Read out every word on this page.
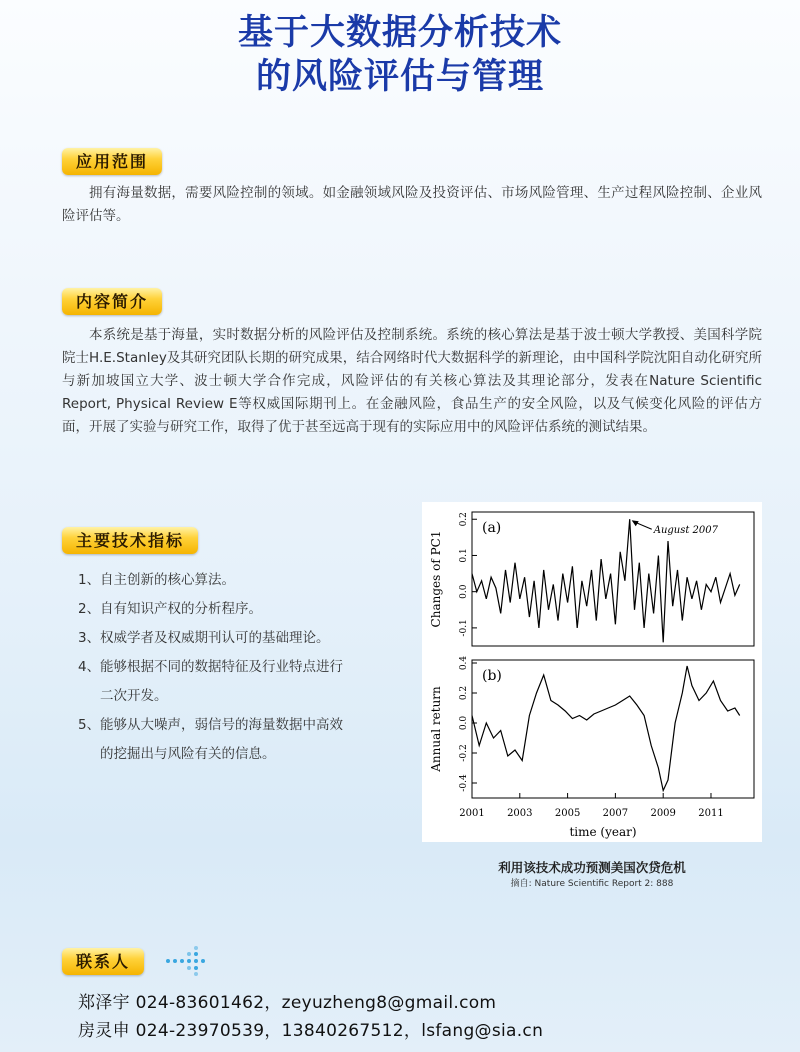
基于大数据分析技术
的风险评估与管理
应用范围

拥有海量数据，需要风险控制的领域。如金融领域风险及投资评估、市场风险管理、生产过程风险控制、企业风险评估等。

内容简介

本系统是基于海量，实时数据分析的风险评估及控制系统。系统的核心算法是基于波士顿大学教授、美国科学院院士H.E.Stanley及其研究团队长期的研究成果，结合网络时代大数据科学的新理论，由中国科学院沈阳自动化研究所与新加坡国立大学、波士顿大学合作完成，风险评估的有关核心算法及其理论部分，发表在Nature Scientific Report, Physical Review E等权威国际期刊上。在金融风险，食品生产的安全风险，以及气候变化风险的评估方面，开展了实验与研究工作，取得了优于甚至远高于现有的实际应用中的风险评估系统的测试结果。

主要技术指标
1、自主创新的核心算法。
2、自有知识产权的分析程序。
3、权威学者及权威期刊认可的基础理论。
4、能够根据不同的数据特征及行业特点进行
二次开发。
5、能够从大噪声，弱信号的海量数据中高效
的挖掘出与风险有关的信息。
-0.1
0.0
0.1
0.2
(a)
Changes of PC1	August 2007
-0.4
-0.2
0.0
0.2
0.4
2001 2003 2005 2007 2009 2011
(b)
Annual return
time (year)

利用该技术成功预测美国次贷危机

摘自: Nature Scientific Report 2: 888

联系人

郑泽宇 024-83601462，zeyuzheng8@gmail.com

房灵申 024-23970539，13840267512，lsfang@sia.cn
